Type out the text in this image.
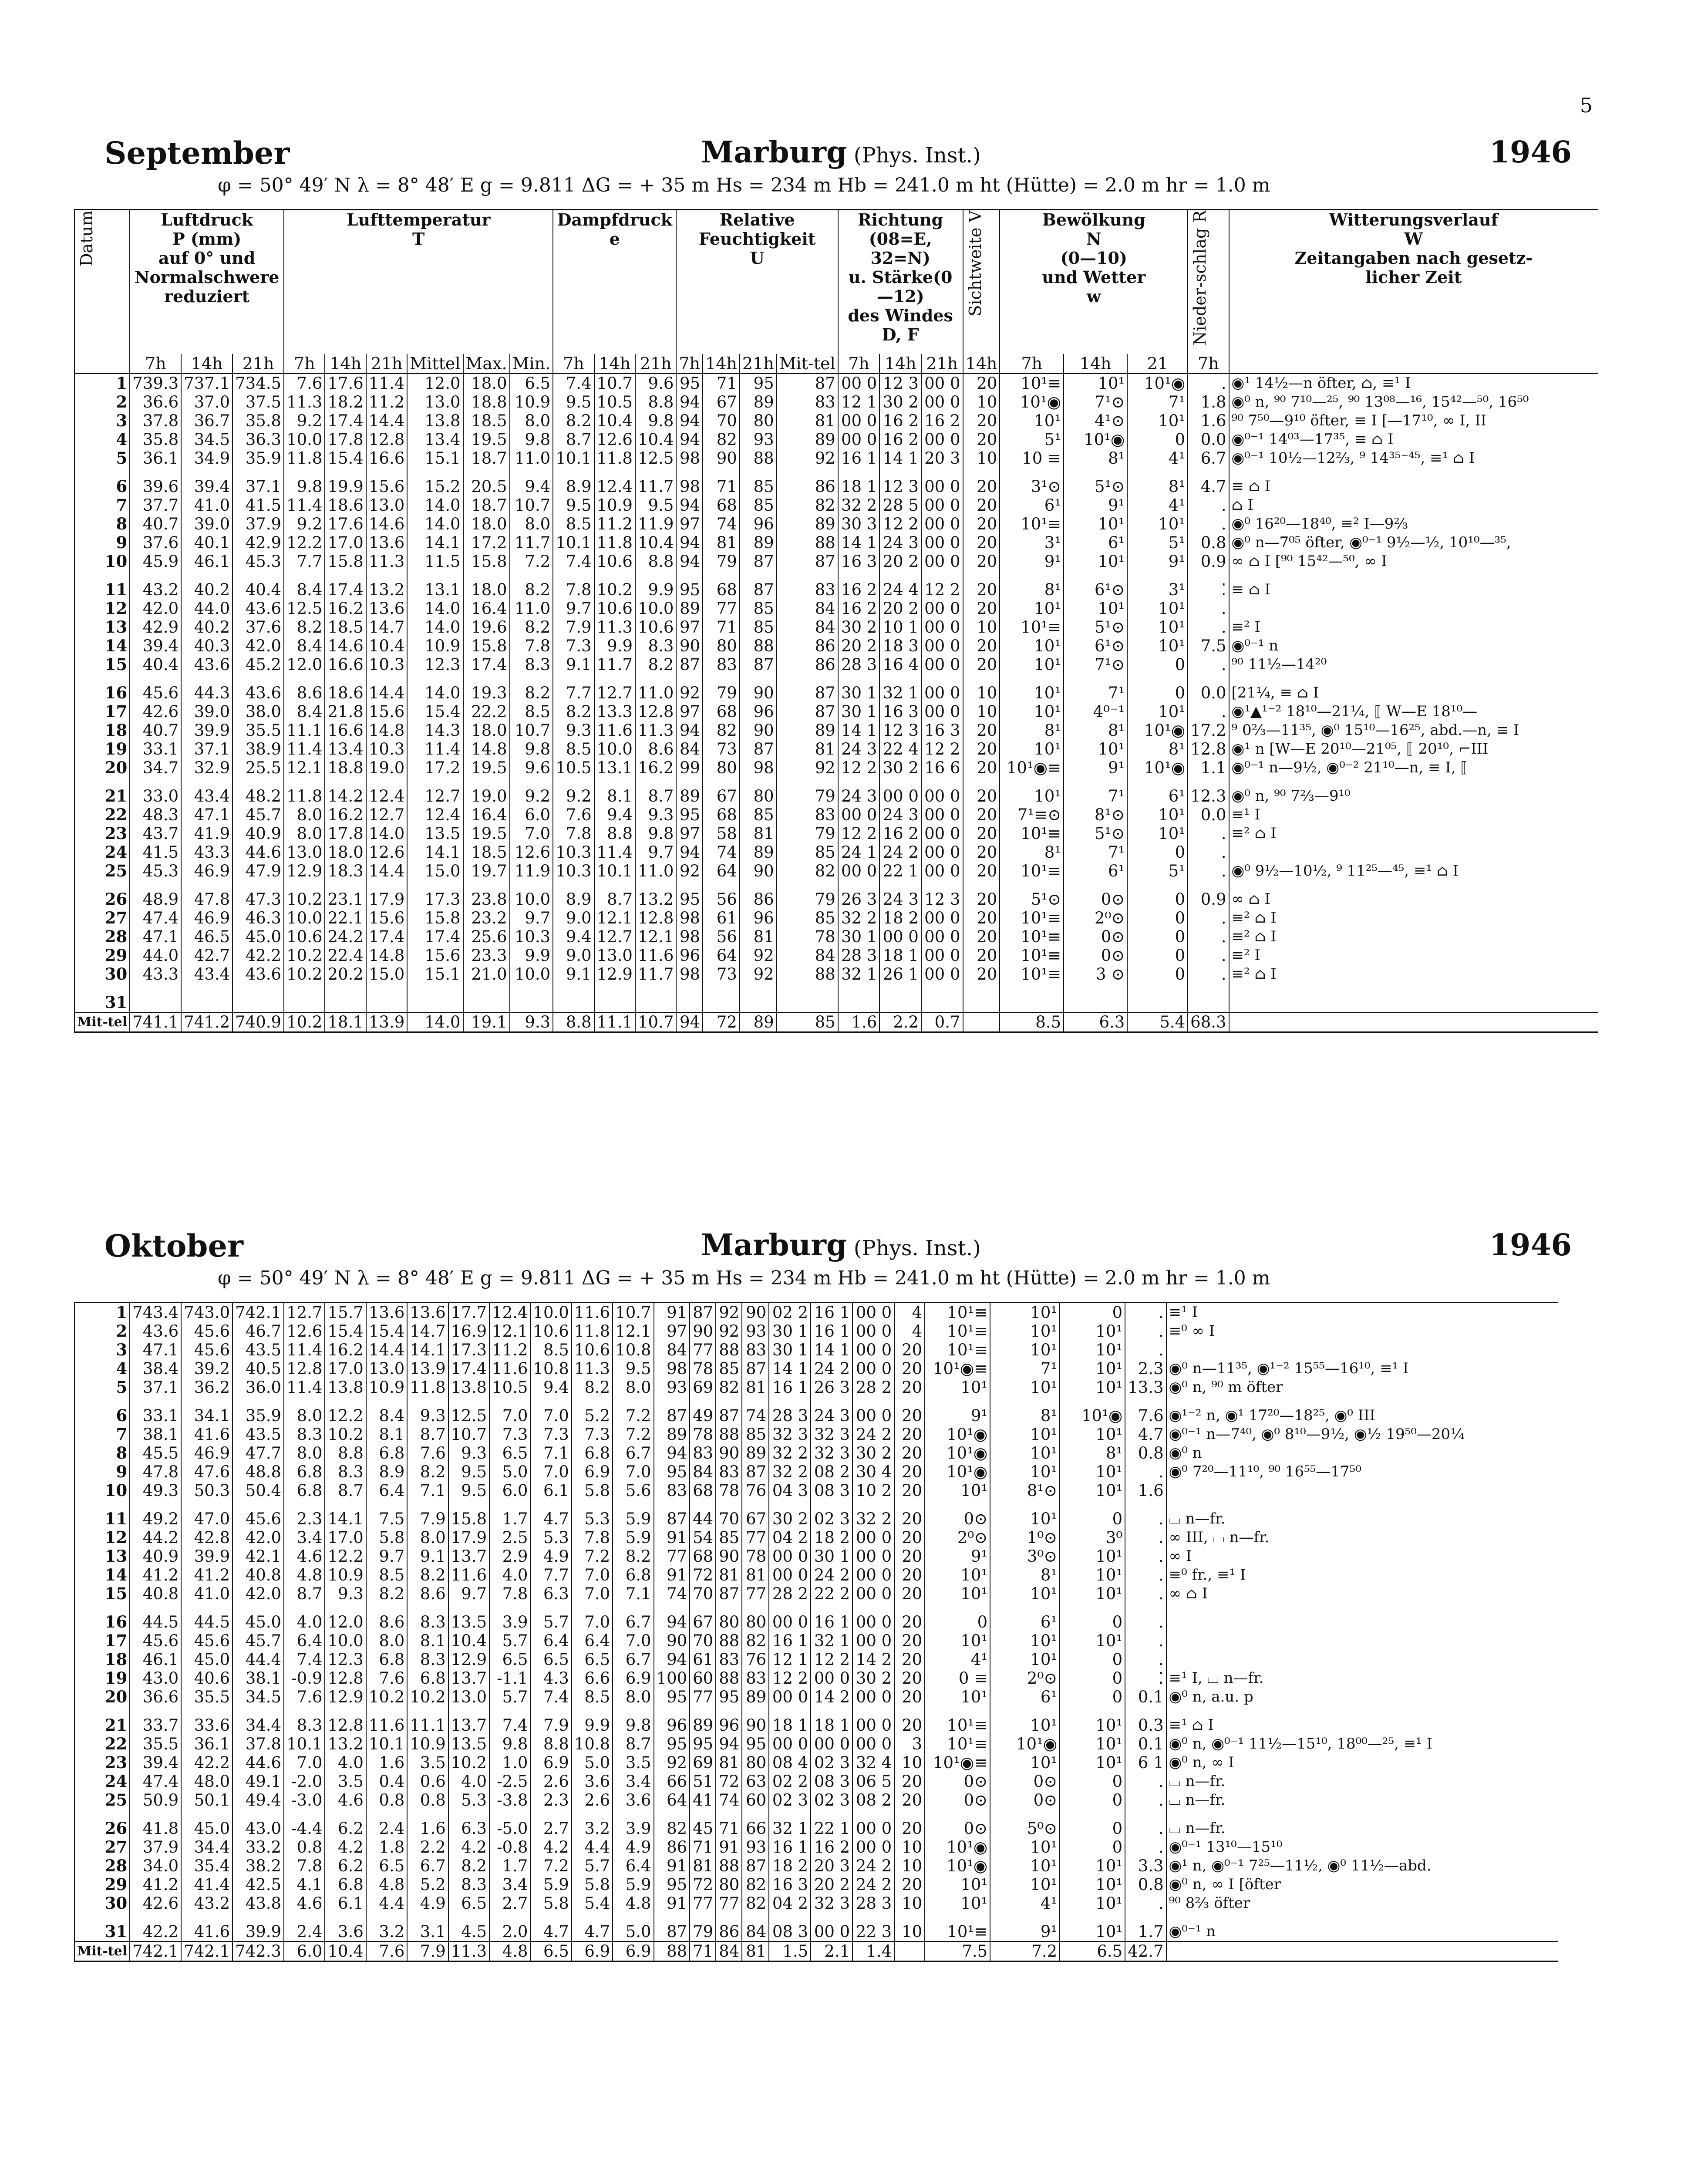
5
September	Marburg (Phys. Inst.)	1946
φ = 50° 49′ N λ = 8° 48′ E g = 9.811 ΔG = + 35 m Hs = 234 m Hb = 241.0 m ht (Hütte) = 2.0 m hr = 1.0 m
Datum	Luftdruck
P (mm)
auf 0° und
Normalschwere
reduziert			Lufttemperatur
T						Dampfdruck
e			Relative
Feuchtigkeit
U				Richtung
(08=E, 32=N)
u. Stärke(0—12)
des Windes
D, F			Sichtweite V	Bewölkung
N
(0—10)
und Wetter
w			Nieder-schlag R	Witterungsverlauf
W
Zeitangaben nach gesetz-
licher Zeit
	7h	14h	21h	7h	14h	21h	Mittel	Max.	Min.	7h	14h	21h	7h	14h	21h	Mit-tel	7h	14h	21h	14h	7h	14h	21	7h	
1	739.3	737.1	734.5	7.6	17.6	11.4	12.0	18.0	6.5	7.4	10.7	9.6	95	71	95	87	00 0	12 3	00 0	20	10¹≡	10¹	10¹◉	.	◉¹ 14½—n öfter, ⌂, ≡¹ I
2	36.6	37.0	37.5	11.3	18.2	11.2	13.0	18.8	10.9	9.5	10.5	8.8	94	67	89	83	12 1	30 2	00 0	10	10¹◉	7¹⊙	7¹	1.8	◉⁰ n, ⁹⁰ 7¹⁰—²⁵, ⁹⁰ 13⁰⁸—¹⁶, 15⁴²—⁵⁰, 16⁵⁰
3	37.8	36.7	35.8	9.2	17.4	14.4	13.8	18.5	8.0	8.2	10.4	9.8	94	70	80	81	00 0	16 2	16 2	20	10¹	4¹⊙	10¹	1.6	⁹⁰ 7⁵⁰—9¹⁰ öfter, ≡ I [—17¹⁰, ∞ I, II
4	35.8	34.5	36.3	10.0	17.8	12.8	13.4	19.5	9.8	8.7	12.6	10.4	94	82	93	89	00 0	16 2	00 0	20	5¹	10¹◉	0	0.0	◉⁰⁻¹ 14⁰³—17³⁵, ≡ ⌂ I
5	36.1	34.9	35.9	11.8	15.4	16.6	15.1	18.7	11.0	10.1	11.8	12.5	98	90	88	92	16 1	14 1	20 3	10	10 ≡	8¹	4¹	6.7	◉⁰⁻¹ 10½—12⅔, ⁹ 14³⁵⁻⁴⁵, ≡¹ ⌂ I
6	39.6	39.4	37.1	9.8	19.9	15.6	15.2	20.5	9.4	8.9	12.4	11.7	98	71	85	86	18 1	12 3	00 0	20	3¹⊙	5¹⊙	8¹	4.7	≡ ⌂ I
7	37.7	41.0	41.5	11.4	18.6	13.0	14.0	18.7	10.7	9.5	10.9	9.5	94	68	85	82	32 2	28 5	00 0	20	6¹	9¹	4¹	.	⌂ I
8	40.7	39.0	37.9	9.2	17.6	14.6	14.0	18.0	8.0	8.5	11.2	11.9	97	74	96	89	30 3	12 2	00 0	20	10¹≡	10¹	10¹	.	◉⁰ 16²⁰—18⁴⁰, ≡² I—9⅔
9	37.6	40.1	42.9	12.2	17.0	13.6	14.1	17.2	11.7	10.1	11.8	10.4	94	81	89	88	14 1	24 3	00 0	20	3¹	6¹	5¹	0.8	◉⁰ n—7⁰⁵ öfter, ◉⁰⁻¹ 9½—½, 10¹⁰—³⁵,
10	45.9	46.1	45.3	7.7	15.8	11.3	11.5	15.8	7.2	7.4	10.6	8.8	94	79	87	87	16 3	20 2	00 0	20	9¹	10¹	9¹	0.9	∞ ⌂ I [⁹⁰ 15⁴²—⁵⁰, ∞ I
11	43.2	40.2	40.4	8.4	17.4	13.2	13.1	18.0	8.2	7.8	10.2	9.9	95	68	87	83	16 2	24 4	12 2	20	8¹	6¹⊙	3¹	⁚	≡ ⌂ I
12	42.0	44.0	43.6	12.5	16.2	13.6	14.0	16.4	11.0	9.7	10.6	10.0	89	77	85	84	16 2	20 2	00 0	20	10¹	10¹	10¹	.	
13	42.9	40.2	37.6	8.2	18.5	14.7	14.0	19.6	8.2	7.9	11.3	10.6	97	71	85	84	30 2	10 1	00 0	10	10¹≡	5¹⊙	10¹	.	≡² I
14	39.4	40.3	42.0	8.4	14.6	10.4	10.9	15.8	7.8	7.3	9.9	8.3	90	80	88	86	20 2	18 3	00 0	20	10¹	6¹⊙	10¹	7.5	◉⁰⁻¹ n
15	40.4	43.6	45.2	12.0	16.6	10.3	12.3	17.4	8.3	9.1	11.7	8.2	87	83	87	86	28 3	16 4	00 0	20	10¹	7¹⊙	0	.	⁹⁰ 11½—14²⁰
16	45.6	44.3	43.6	8.6	18.6	14.4	14.0	19.3	8.2	7.7	12.7	11.0	92	79	90	87	30 1	32 1	00 0	10	10¹	7¹	0	0.0	[21¼, ≡ ⌂ I
17	42.6	39.0	38.0	8.4	21.8	15.6	15.4	22.2	8.5	8.2	13.3	12.8	97	68	96	87	30 1	16 3	00 0	10	10¹	4⁰⁻¹	10¹	.	◉¹▲¹⁻² 18¹⁰—21¼, ⟦ W—E 18¹⁰—
18	40.7	39.9	35.5	11.1	16.6	14.8	14.3	18.0	10.7	9.3	11.6	11.3	94	82	90	89	14 1	12 3	16 3	20	8¹	8¹	10¹◉	17.2	⁹ 0⅔—11³⁵, ◉⁰ 15¹⁰—16²⁵, abd.—n, ≡ I
19	33.1	37.1	38.9	11.4	13.4	10.3	11.4	14.8	9.8	8.5	10.0	8.6	84	73	87	81	24 3	22 4	12 2	20	10¹	10¹	8¹	12.8	◉¹ n [W—E 20¹⁰—21⁰⁵, ⟦ 20¹⁰, ⌐III
20	34.7	32.9	25.5	12.1	18.8	19.0	17.2	19.5	9.6	10.5	13.1	16.2	99	80	98	92	12 2	30 2	16 6	20	10¹◉≡	9¹	10¹◉	1.1	◉⁰⁻¹ n—9½, ◉⁰⁻² 21¹⁰—n, ≡ I, ⟦
21	33.0	43.4	48.2	11.8	14.2	12.4	12.7	19.0	9.2	9.2	8.1	8.7	89	67	80	79	24 3	00 0	00 0	20	10¹	7¹	6¹	12.3	◉⁰ n, ⁹⁰ 7⅔—9¹⁰
22	48.3	47.1	45.7	8.0	16.2	12.7	12.4	16.4	6.0	7.6	9.4	9.3	95	68	85	83	00 0	24 3	00 0	20	7¹≡⊙	8¹⊙	10¹	0.0	≡¹ I
23	43.7	41.9	40.9	8.0	17.8	14.0	13.5	19.5	7.0	7.8	8.8	9.8	97	58	81	79	12 2	16 2	00 0	20	10¹≡	5¹⊙	10¹	.	≡² ⌂ I
24	41.5	43.3	44.6	13.0	18.0	12.6	14.1	18.5	12.6	10.3	11.4	9.7	94	74	89	85	24 1	24 2	00 0	20	8¹	7¹	0	.	
25	45.3	46.9	47.9	12.9	18.3	14.4	15.0	19.7	11.9	10.3	10.1	11.0	92	64	90	82	00 0	22 1	00 0	20	10¹≡	6¹	5¹	.	◉⁰ 9½—10½, ⁹ 11²⁵—⁴⁵, ≡¹ ⌂ I
26	48.9	47.8	47.3	10.2	23.1	17.9	17.3	23.8	10.0	8.9	8.7	13.2	95	56	86	79	26 3	24 3	12 3	20	5¹⊙	0⊙	0	0.9	∞ ⌂ I
27	47.4	46.9	46.3	10.0	22.1	15.6	15.8	23.2	9.7	9.0	12.1	12.8	98	61	96	85	32 2	18 2	00 0	20	10¹≡	2⁰⊙	0	.	≡² ⌂ I
28	47.1	46.5	45.0	10.6	24.2	17.4	17.4	25.6	10.3	9.4	12.7	12.1	98	56	81	78	30 1	00 0	00 0	20	10¹≡	0⊙	0	.	≡² ⌂ I
29	44.0	42.7	42.2	10.2	22.4	14.8	15.6	23.3	9.9	9.0	13.0	11.6	96	64	92	84	28 3	18 1	00 0	20	10¹≡	0⊙	0	.	≡² I
30	43.3	43.4	43.6	10.2	20.2	15.0	15.1	21.0	10.0	9.1	12.9	11.7	98	73	92	88	32 1	26 1	00 0	20	10¹≡	3 ⊙	0	.	≡² ⌂ I
31																									
Mit-tel	741.1	741.2	740.9	10.2	18.1	13.9	14.0	19.1	9.3	8.8	11.1	10.7	94	72	89	85	1.6	2.2	0.7		8.5	6.3	5.4	68.3	
Oktober	Marburg (Phys. Inst.)	1946
φ = 50° 49′ N λ = 8° 48′ E g = 9.811 ΔG = + 35 m Hs = 234 m Hb = 241.0 m ht (Hütte) = 2.0 m hr = 1.0 m
1	743.4	743.0	742.1	12.7	15.7	13.6	13.6	17.7	12.4	10.0	11.6	10.7	91	87	92	90	02 2	16 1	00 0	4	10¹≡	10¹	0	.	≡¹ I
2	43.6	45.6	46.7	12.6	15.4	15.4	14.7	16.9	12.1	10.6	11.8	12.1	97	90	92	93	30 1	16 1	00 0	4	10¹≡	10¹	10¹	.	≡⁰ ∞ I
3	47.1	45.6	43.5	11.4	16.2	14.4	14.1	17.3	11.2	8.5	10.6	10.8	84	77	88	83	30 1	14 1	00 0	20	10¹≡	10¹	10¹	.	
4	38.4	39.2	40.5	12.8	17.0	13.0	13.9	17.4	11.6	10.8	11.3	9.5	98	78	85	87	14 1	24 2	00 0	20	10¹◉≡	7¹	10¹	2.3	◉⁰ n—11³⁵, ◉¹⁻² 15⁵⁵—16¹⁰, ≡¹ I
5	37.1	36.2	36.0	11.4	13.8	10.9	11.8	13.8	10.5	9.4	8.2	8.0	93	69	82	81	16 1	26 3	28 2	20	10¹	10¹	10¹	13.3	◉⁰ n, ⁹⁰ m öfter
6	33.1	34.1	35.9	8.0	12.2	8.4	9.3	12.5	7.0	7.0	5.2	7.2	87	49	87	74	28 3	24 3	00 0	20	9¹	8¹	10¹◉	7.6	◉¹⁻² n, ◉¹ 17²⁰—18²⁵, ◉⁰ III
7	38.1	41.6	43.5	8.3	10.2	8.1	8.7	10.7	7.3	7.3	7.3	7.2	89	78	88	85	32 3	32 3	24 2	20	10¹◉	10¹	10¹	4.7	◉⁰⁻¹ n—7⁴⁰, ◉⁰ 8¹⁰—9½, ◉½ 19⁵⁰—20¼
8	45.5	46.9	47.7	8.0	8.8	6.8	7.6	9.3	6.5	7.1	6.8	6.7	94	83	90	89	32 2	32 3	30 2	20	10¹◉	10¹	8¹	0.8	◉⁰ n
9	47.8	47.6	48.8	6.8	8.3	8.9	8.2	9.5	5.0	7.0	6.9	7.0	95	84	83	87	32 2	08 2	30 4	20	10¹◉	10¹	10¹	.	◉⁰ 7²⁰—11¹⁰, ⁹⁰ 16⁵⁵—17⁵⁰
10	49.3	50.3	50.4	6.8	8.7	6.4	7.1	9.5	6.0	6.1	5.8	5.6	83	68	78	76	04 3	08 3	10 2	20	10¹	8¹⊙	10¹	1.6	
11	49.2	47.0	45.6	2.3	14.1	7.5	7.9	15.8	1.7	4.7	5.3	5.9	87	44	70	67	30 2	02 3	32 2	20	0⊙	10¹	0	.	⌴ n—fr.
12	44.2	42.8	42.0	3.4	17.0	5.8	8.0	17.9	2.5	5.3	7.8	5.9	91	54	85	77	04 2	18 2	00 0	20	2⁰⊙	1⁰⊙	3⁰	.	∞ III, ⌴ n—fr.
13	40.9	39.9	42.1	4.6	12.2	9.7	9.1	13.7	2.9	4.9	7.2	8.2	77	68	90	78	00 0	30 1	00 0	20	9¹	3⁰⊙	10¹	.	∞ I
14	41.2	41.2	40.8	4.8	10.9	8.5	8.2	11.6	4.0	7.7	7.0	6.8	91	72	81	81	00 0	24 2	00 0	20	10¹	8¹	10¹	.	≡⁰ fr., ≡¹ I
15	40.8	41.0	42.0	8.7	9.3	8.2	8.6	9.7	7.8	6.3	7.0	7.1	74	70	87	77	28 2	22 2	00 0	20	10¹	10¹	10¹	.	∞ ⌂ I
16	44.5	44.5	45.0	4.0	12.0	8.6	8.3	13.5	3.9	5.7	7.0	6.7	94	67	80	80	00 0	16 1	00 0	20	0	6¹	0	.	
17	45.6	45.6	45.7	6.4	10.0	8.0	8.1	10.4	5.7	6.4	6.4	7.0	90	70	88	82	16 1	32 1	00 0	20	10¹	10¹	10¹	.	
18	46.1	45.0	44.4	7.4	12.3	6.8	8.3	12.9	6.5	6.5	6.5	6.7	94	61	83	76	12 1	12 2	14 2	20	4¹	10¹	0	.	
19	43.0	40.6	38.1	-0.9	12.8	7.6	6.8	13.7	-1.1	4.3	6.6	6.9	100	60	88	83	12 2	00 0	30 2	20	0 ≡	2⁰⊙	0	⁚	≡¹ I, ⌴ n—fr.
20	36.6	35.5	34.5	7.6	12.9	10.2	10.2	13.0	5.7	7.4	8.5	8.0	95	77	95	89	00 0	14 2	00 0	20	10¹	6¹	0	0.1	◉⁰ n, a.u. p
21	33.7	33.6	34.4	8.3	12.8	11.6	11.1	13.7	7.4	7.9	9.9	9.8	96	89	96	90	18 1	18 1	00 0	20	10¹≡	10¹	10¹	0.3	≡¹ ⌂ I
22	35.5	36.1	37.8	10.1	13.2	10.1	10.9	13.5	9.8	8.8	10.8	8.7	95	95	94	95	00 0	00 0	00 0	3	10¹≡	10¹◉	10¹	0.1	◉⁰ n, ◉⁰⁻¹ 11½—15¹⁰, 18⁰⁰—²⁵, ≡¹ I
23	39.4	42.2	44.6	7.0	4.0	1.6	3.5	10.2	1.0	6.9	5.0	3.5	92	69	81	80	08 4	02 3	32 4	10	10¹◉≡	10¹	10¹	6 1	◉⁰ n, ∞ I
24	47.4	48.0	49.1	-2.0	3.5	0.4	0.6	4.0	-2.5	2.6	3.6	3.4	66	51	72	63	02 2	08 3	06 5	20	0⊙	0⊙	0	.	⌴ n—fr.
25	50.9	50.1	49.4	-3.0	4.6	0.8	0.8	5.3	-3.8	2.3	2.6	3.6	64	41	74	60	02 3	02 3	08 2	20	0⊙	0⊙	0	.	⌴ n—fr.
26	41.8	45.0	43.0	-4.4	6.2	2.4	1.6	6.3	-5.0	2.7	3.2	3.9	82	45	71	66	32 1	22 1	00 0	20	0⊙	5⁰⊙	0	.	⌴ n—fr.
27	37.9	34.4	33.2	0.8	4.2	1.8	2.2	4.2	-0.8	4.2	4.4	4.9	86	71	91	93	16 1	16 2	00 0	10	10¹◉	10¹	0	.	◉⁰⁻¹ 13¹⁰—15¹⁰
28	34.0	35.4	38.2	7.8	6.2	6.5	6.7	8.2	1.7	7.2	5.7	6.4	91	81	88	87	18 2	20 3	24 2	10	10¹◉	10¹	10¹	3.3	◉¹ n, ◉⁰⁻¹ 7²⁵—11½, ◉⁰ 11½—abd.
29	41.2	41.4	42.5	4.1	6.8	4.8	5.2	8.3	3.4	5.9	5.8	5.9	95	72	80	82	16 3	20 2	24 2	20	10¹	10¹	10¹	0.8	◉⁰ n, ∞ I [öfter
30	42.6	43.2	43.8	4.6	6.1	4.4	4.9	6.5	2.7	5.8	5.4	4.8	91	77	77	82	04 2	32 3	28 3	10	10¹	4¹	10¹	.	⁹⁰ 8⅔ öfter
31	42.2	41.6	39.9	2.4	3.6	3.2	3.1	4.5	2.0	4.7	4.7	5.0	87	79	86	84	08 3	00 0	22 3	10	10¹≡	9¹	10¹	1.7	◉⁰⁻¹ n
Mit-tel	742.1	742.1	742.3	6.0	10.4	7.6	7.9	11.3	4.8	6.5	6.9	6.9	88	71	84	81	1.5	2.1	1.4		7.5	7.2	6.5	42.7	
